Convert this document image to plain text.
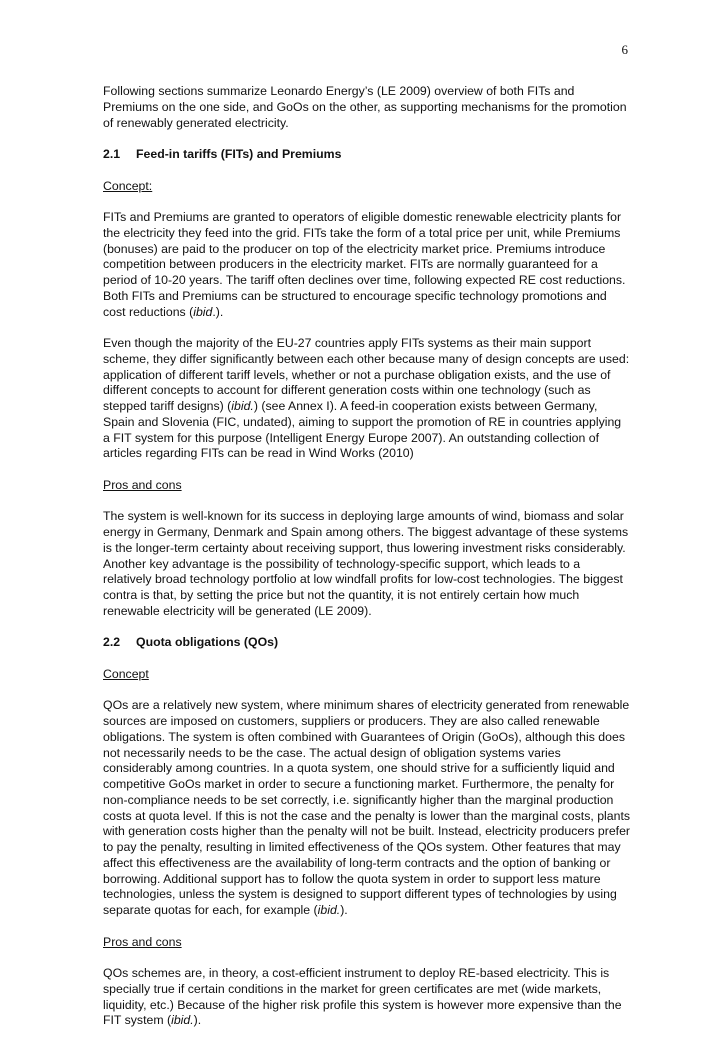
6

Following sections summarize Leonardo Energy’s (LE 2009) overview of both FITs and Premiums on the one side, and GoOs on the other, as supporting mechanisms for the promotion of renewably generated electricity.

2.1 Feed-in tariffs (FITs) and Premiums

Concept:

FITs and Premiums are granted to operators of eligible domestic renewable electricity plants for the electricity they feed into the grid. FITs take the form of a total price per unit, while Premiums (bonuses) are paid to the producer on top of the electricity market price. Premiums introduce competition between producers in the electricity market. FITs are normally guaranteed for a period of 10-20 years. The tariff often declines over time, following expected RE cost reductions. Both FITs and Premiums can be structured to encourage specific technology promotions and cost reductions (ibid.).

Even though the majority of the EU-27 countries apply FITs systems as their main support scheme, they differ significantly between each other because many of design concepts are used: application of different tariff levels, whether or not a purchase obligation exists, and the use of different concepts to account for different generation costs within one technology (such as stepped tariff designs) (ibid.) (see Annex I). A feed-in cooperation exists between Germany, Spain and Slovenia (FIC, undated), aiming to support the promotion of RE in countries applying a FIT system for this purpose (Intelligent Energy Europe 2007). An outstanding collection of articles regarding FITs can be read in Wind Works (2010)

Pros and cons

The system is well-known for its success in deploying large amounts of wind, biomass and solar energy in Germany, Denmark and Spain among others. The biggest advantage of these systems is the longer-term certainty about receiving support, thus lowering investment risks considerably. Another key advantage is the possibility of technology-specific support, which leads to a relatively broad technology portfolio at low windfall profits for low-cost technologies. The biggest contra is that, by setting the price but not the quantity, it is not entirely certain how much renewable electricity will be generated (LE 2009).

2.2 Quota obligations (QOs)

Concept

QOs are a relatively new system, where minimum shares of electricity generated from renewable sources are imposed on customers, suppliers or producers. They are also called renewable obligations. The system is often combined with Guarantees of Origin (GoOs), although this does not necessarily needs to be the case. The actual design of obligation systems varies considerably among countries. In a quota system, one should strive for a sufficiently liquid and competitive GoOs market in order to secure a functioning market. Furthermore, the penalty for non-compliance needs to be set correctly, i.e. significantly higher than the marginal production costs at quota level. If this is not the case and the penalty is lower than the marginal costs, plants with generation costs higher than the penalty will not be built. Instead, electricity producers prefer to pay the penalty, resulting in limited effectiveness of the QOs system. Other features that may affect this effectiveness are the availability of long-term contracts and the option of banking or borrowing. Additional support has to follow the quota system in order to support less mature technologies, unless the system is designed to support different types of technologies by using separate quotas for each, for example (ibid.).

Pros and cons

QOs schemes are, in theory, a cost-efficient instrument to deploy RE-based electricity. This is specially true if certain conditions in the market for green certificates are met (wide markets, liquidity, etc.) Because of the higher risk profile this system is however more expensive than the FIT system (ibid.).
